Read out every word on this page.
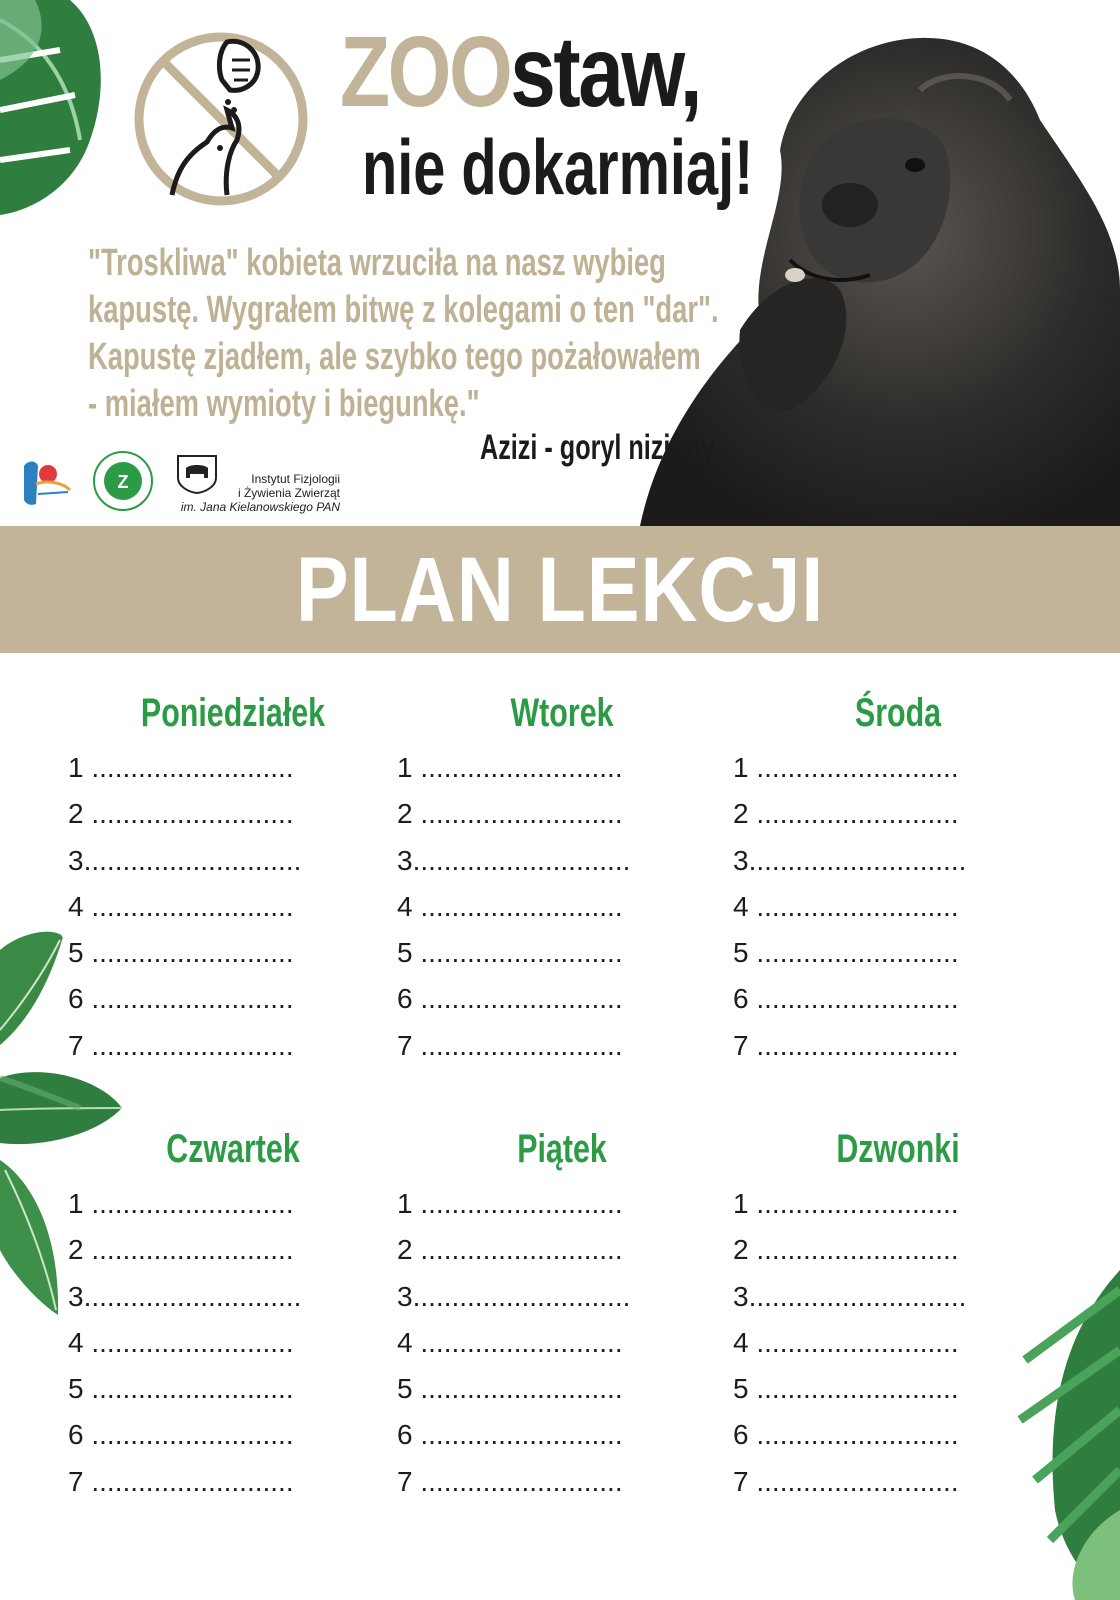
ZOOstaw,
nie dokarmiaj!
"Troskliwa" kobieta wrzuciła na nasz wybieg
kapustę. Wygrałem bitwę z kolegami o ten "dar".
Kapustę zjadłem, ale szybko tego pożałowałem
- miałem wymioty i biegunkę."
Azizi - goryl nizinny
Z	Instytut Fizjologii
i Żywienia Zwierząt
im. Jana Kielanowskiego PAN
PLAN LEKCJI
Poniedziałek
1 ..........................
2 ..........................
3............................
4 ..........................
5 ..........................
6 ..........................
7 ..........................
Wtorek
1 ..........................
2 ..........................
3............................
4 ..........................
5 ..........................
6 ..........................
7 ..........................
Środa
1 ..........................
2 ..........................
3............................
4 ..........................
5 ..........................
6 ..........................
7 ..........................
Czwartek
1 ..........................
2 ..........................
3............................
4 ..........................
5 ..........................
6 ..........................
7 ..........................
Piątek
1 ..........................
2 ..........................
3............................
4 ..........................
5 ..........................
6 ..........................
7 ..........................
Dzwonki
1 ..........................
2 ..........................
3............................
4 ..........................
5 ..........................
6 ..........................
7 ..........................
